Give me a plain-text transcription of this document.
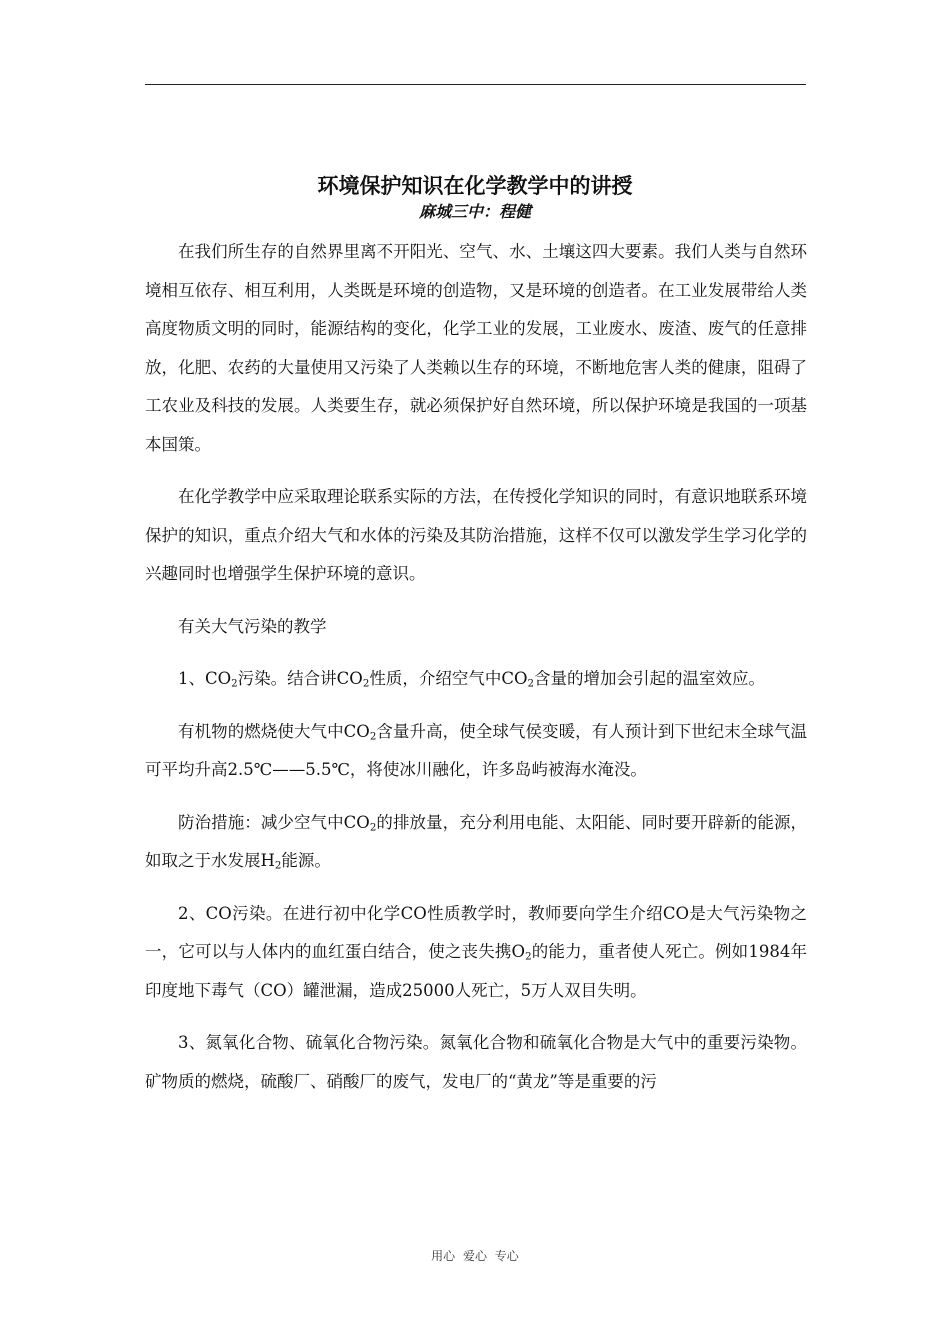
环境保护知识在化学教学中的讲授
麻城三中：程健

在我们所生存的自然界里离不开阳光、空气、水、土壤这四大要素。我们人类与自然环境相互依存、相互利用，人类既是环境的创造物，又是环境的创造者。在工业发展带给人类高度物质文明的同时，能源结构的变化，化学工业的发展，工业废水、废渣、废气的任意排放，化肥、农药的大量使用又污染了人类赖以生存的环境，不断地危害人类的健康，阻碍了工农业及科技的发展。人类要生存，就必须保护好自然环境，所以保护环境是我国的一项基本国策。

在化学教学中应采取理论联系实际的方法，在传授化学知识的同时，有意识地联系环境保护的知识，重点介绍大气和水体的污染及其防治措施，这样不仅可以激发学生学习化学的兴趣同时也增强学生保护环境的意识。

有关大气污染的教学

1、$CO_2$污染。结合讲$CO_2$性质，介绍空气中$CO_2$含量的增加会引起的温室效应。

有机物的燃烧使大气中$CO_2$含量升高，使全球气侯变暖，有人预计到下世纪末全球气温可平均升高2.5℃——5.5℃，将使冰川融化，许多岛屿被海水淹没。

防治措施：减少空气中$CO_2$的排放量，充分利用电能、太阳能、同时要开辟新的能源，如取之于水发展$H_2$能源。

2、CO污染。在进行初中化学CO性质教学时，教师要向学生介绍CO是大气污染物之一，它可以与人体内的血红蛋白结合，使之丧失携$O_2$的能力，重者使人死亡。例如1984年印度地下毒气（CO）罐泄漏，造成25000人死亡，5万人双目失明。

3、氮氧化合物、硫氧化合物污染。氮氧化合物和硫氧化合物是大气中的重要污染物。矿物质的燃烧，硫酸厂、硝酸厂的废气，发电厂的“黄龙”等是重要的污

用心 爱心 专心
